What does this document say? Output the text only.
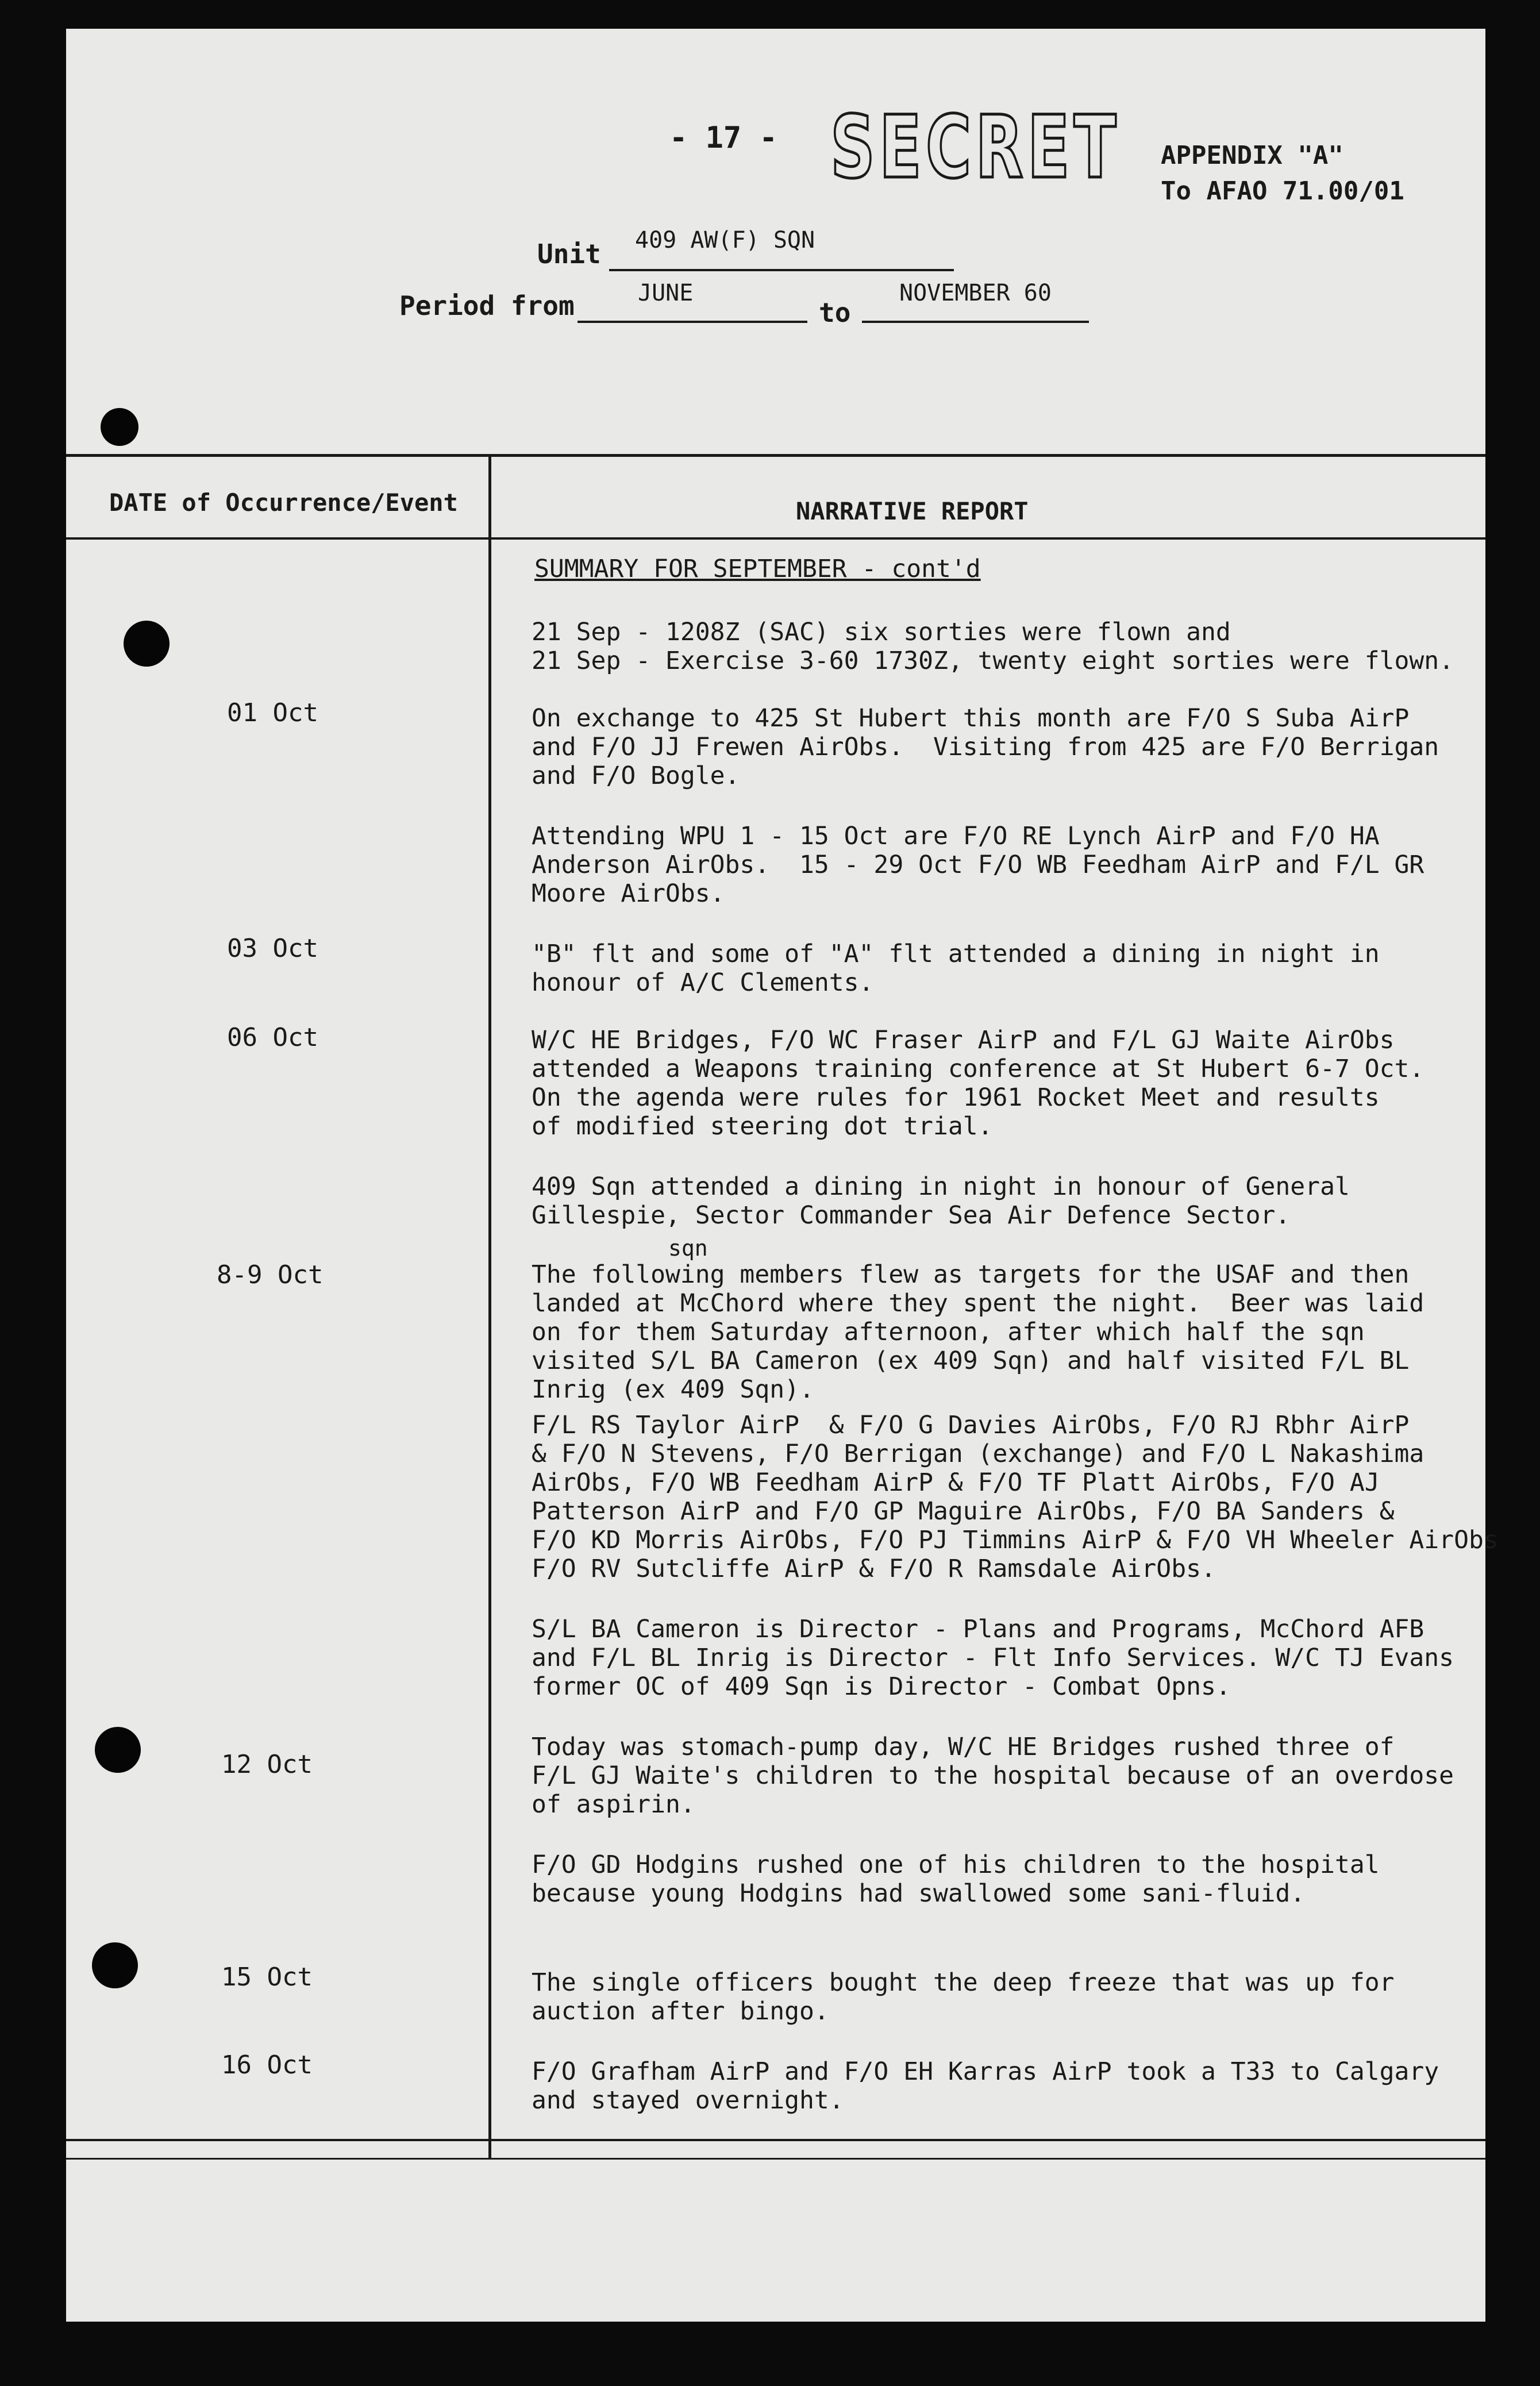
- 17 - SECRET APPENDIX "A"
To AFAO 71.00/01
Unit 409 AW(F) SQN
Period from	JUNE
to
NOVEMBER 60
DATE of Occurrence/Event	NARRATIVE REPORT
SUMMARY FOR SEPTEMBER - cont'd
01 Oct
03 Oct
06 Oct
8-9 Oct
12 Oct
15 Oct
16 Oct
21 Sep - 1208Z (SAC) six sorties were flown and
21 Sep - Exercise 3-60 1730Z, twenty eight sorties were flown.
On exchange to 425 St Hubert this month are F/O S Suba AirP
and F/O JJ Frewen AirObs.  Visiting from 425 are F/O Berrigan
and F/O Bogle.
Attending WPU 1 - 15 Oct are F/O RE Lynch AirP and F/O HA
Anderson AirObs.  15 - 29 Oct F/O WB Feedham AirP and F/L GR
Moore AirObs.
"B" flt and some of "A" flt attended a dining in night in
honour of A/C Clements.
W/C HE Bridges, F/O WC Fraser AirP and F/L GJ Waite AirObs
attended a Weapons training conference at St Hubert 6-7 Oct.
On the agenda were rules for 1961 Rocket Meet and results
of modified steering dot trial.
409 Sqn attended a dining in night in honour of General
Gillespie, Sector Commander Sea Air Defence Sector.
sqn
The following members flew as targets for the USAF and then
landed at McChord where they spent the night.  Beer was laid
on for them Saturday afternoon, after which half the sqn
visited S/L BA Cameron (ex 409 Sqn) and half visited F/L BL
Inrig (ex 409 Sqn).
F/L RS Taylor AirP  & F/O G Davies AirObs, F/O RJ Rbhr AirP
& F/O N Stevens, F/O Berrigan (exchange) and F/O L Nakashima
AirObs, F/O WB Feedham AirP & F/O TF Platt AirObs, F/O AJ
Patterson AirP and F/O GP Maguire AirObs, F/O BA Sanders &
F/O KD Morris AirObs, F/O PJ Timmins AirP & F/O VH Wheeler AirObs
F/O RV Sutcliffe AirP & F/O R Ramsdale AirObs.
S/L BA Cameron is Director - Plans and Programs, McChord AFB
and F/L BL Inrig is Director - Flt Info Services. W/C TJ Evans
former OC of 409 Sqn is Director - Combat Opns.
Today was stomach-pump day, W/C HE Bridges rushed three of
F/L GJ Waite's children to the hospital because of an overdose
of aspirin.
F/O GD Hodgins rushed one of his children to the hospital
because young Hodgins had swallowed some sani-fluid.
The single officers bought the deep freeze that was up for
auction after bingo.
F/O Grafham AirP and F/O EH Karras AirP took a T33 to Calgary
and stayed overnight.
